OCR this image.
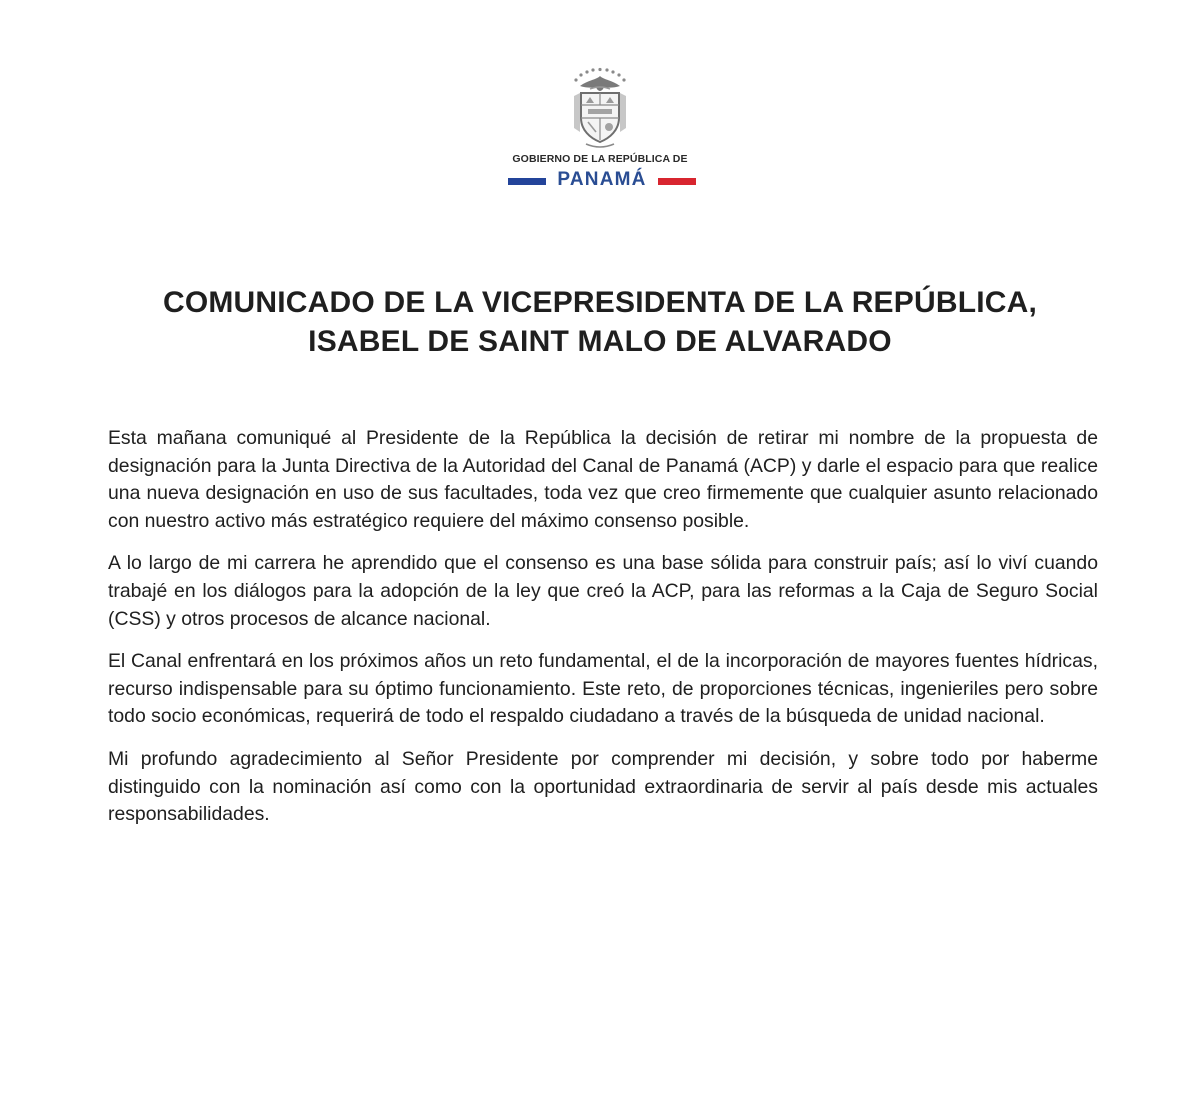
GOBIERNO DE LA REPÚBLICA DE
PANAMÁ
COMUNICADO DE LA VICEPRESIDENTA DE LA REPÚBLICA,
ISABEL DE SAINT MALO DE ALVARADO

Esta mañana comuniqué al Presidente de la República la decisión de retirar mi nombre de la propuesta de designación para la Junta Directiva de la Autoridad del Canal de Panamá (ACP) y darle el espacio para que realice una nueva designación en uso de sus facultades, toda vez que creo firmemente que cualquier asunto relacionado con nuestro activo más estratégico requiere del máximo consenso posible.

A lo largo de mi carrera he aprendido que el consenso es una base sólida para construir país; así lo viví cuando trabajé en los diálogos para la adopción de la ley que creó la ACP, para las reformas a la Caja de Seguro Social (CSS) y otros procesos de alcance nacional.

El Canal enfrentará en los próximos años un reto fundamental, el de la incorporación de mayores fuentes hídricas, recurso indispensable para su óptimo funcionamiento. Este reto, de proporciones técnicas, ingenieriles pero sobre todo socio económicas, requerirá de todo el respaldo ciudadano a través de la búsqueda de unidad nacional.

Mi profundo agradecimiento al Señor Presidente por comprender mi decisión, y sobre todo por haberme distinguido con la nominación así como con la oportunidad extraordinaria de servir al país desde mis actuales responsabilidades.
